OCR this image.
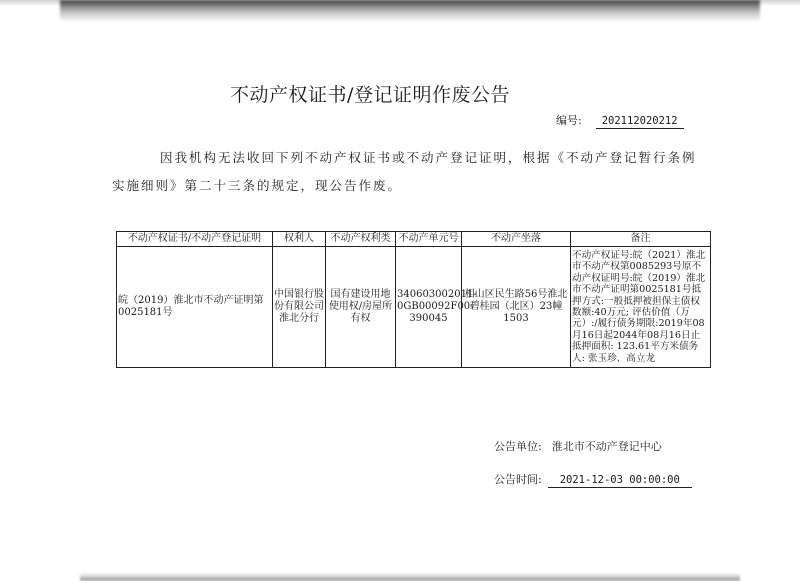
不动产权证书/登记证明作废公告
编号: 202112020212
因我机构无法收回下列不动产权证书或不动产登记证明，根据《不动产登记暂行条例
实施细则》第二十三条的规定，现公告作废。
不动产权证书/不动产登记证明	权利人	不动产权利类	不动产单元号	不动产坐落	备注
皖（2019）淮北市不动产证明第0025181号	中国银行股份有限公司淮北分行	国有建设用地使用权/房屋所有权	340603002011-0GB00092F00-390045	相山区民生路56号淮北碧桂园（北区）23幢1503	不动产权证号:皖（2021）淮北市不动产权第0085293号原不动产权证明号:皖（2019）淮北市不动产证明第0025181号抵押方式:一般抵押被担保主债权数额:40万元; 评估价值（万元）:/履行债务期限:2019年08月16日起2044年08月16日止抵押面积: 123.61平方米债务人: 张玉珍、高立龙
公告单位: 淮北市不动产登记中心
公告时间: 2021-12-03 00:00:00
